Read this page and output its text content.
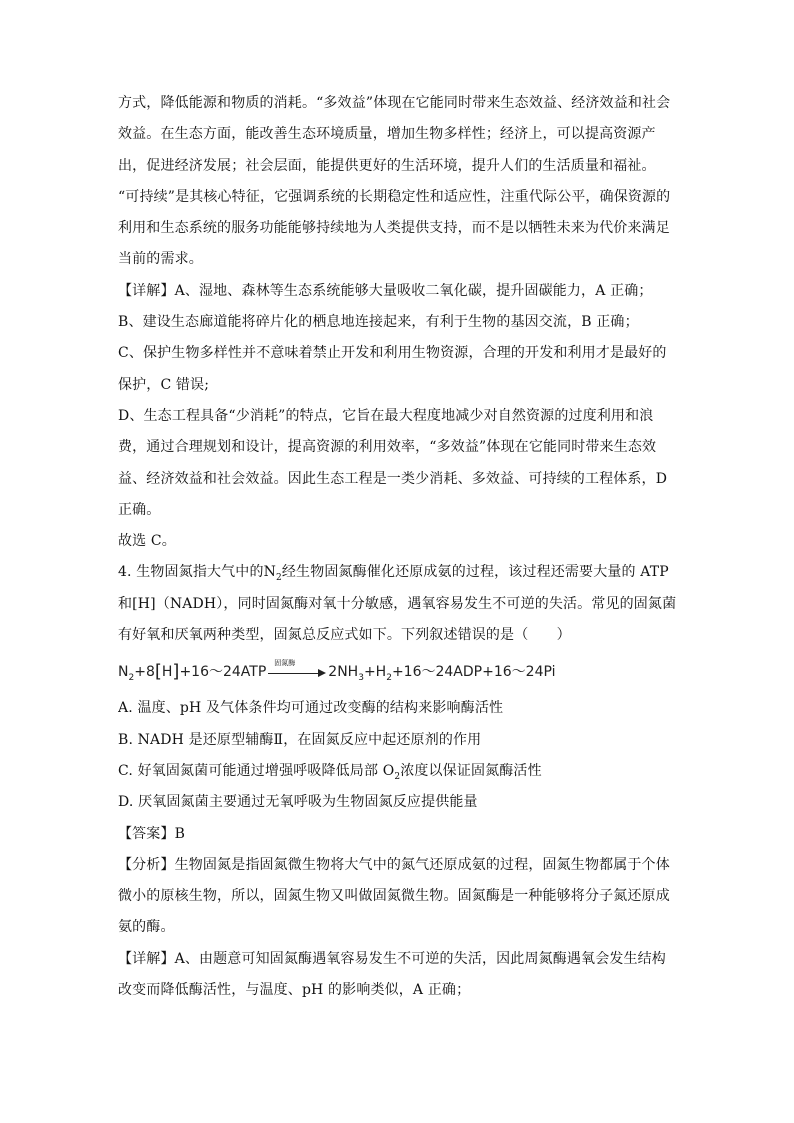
方式，降低能源和物质的消耗。“多效益”体现在它能同时带来生态效益、经济效益和社会
效益。在生态方面，能改善生态环境质量，增加生物多样性；经济上，可以提高资源产
出，促进经济发展；社会层面，能提供更好的生活环境，提升人们的生活质量和福祉。
“可持续”是其核心特征，它强调系统的长期稳定性和适应性，注重代际公平，确保资源的
利用和生态系统的服务功能能够持续地为人类提供支持，而不是以牺牲未来为代价来满足
当前的需求。
【详解】A、湿地、森林等生态系统能够大量吸收二氧化碳，提升固碳能力，A 正确；
B、建设生态廊道能将碎片化的栖息地连接起来，有利于生物的基因交流，B 正确；
C、保护生物多样性并不意味着禁止开发和利用生物资源，合理的开发和利用才是最好的
保护，C 错误;
D、生态工程具备“少消耗”的特点，它旨在最大程度地减少对自然资源的过度利用和浪
费，通过合理规划和设计，提高资源的利用效率，“多效益”体现在它能同时带来生态效
益、经济效益和社会效益。因此生态工程是一类少消耗、多效益、可持续的工程体系，D
正确。
故选 C。
4. 生物固氮指大气中的$N_2$经生物固氮酶催化还原成氨的过程，该过程还需要大量的 ATP
和[H]（NADH），同时固氮酶对氧十分敏感，遇氧容易发生不可逆的失活。常见的固氮菌
有好氧和厌氧两种类型，固氮总反应式如下。下列叙述错误的是（　　）
$N_2+8[H]+16\sim 24ATP$
固氮酶
$2NH_3+H_2+16\sim 24ADP+16\sim 24Pi$
A. 温度、pH 及气体条件均可通过改变酶的结构来影响酶活性
B. NADH 是还原型辅酶Ⅱ，在固氮反应中起还原剂的作用
C. 好氧固氮菌可能通过增强呼吸降低局部 $O_2$浓度以保证固氮酶活性
D. 厌氧固氮菌主要通过无氧呼吸为生物固氮反应提供能量
【答案】B
【分析】生物固氮是指固氮微生物将大气中的氮气还原成氨的过程，固氮生物都属于个体
微小的原核生物，所以，固氮生物又叫做固氮微生物。固氮酶是一种能够将分子氮还原成
氨的酶。
【详解】A、由题意可知固氮酶遇氧容易发生不可逆的失活，因此周氮酶遇氧会发生结构
改变而降低酶活性，与温度、pH 的影响类似，A 正确；
